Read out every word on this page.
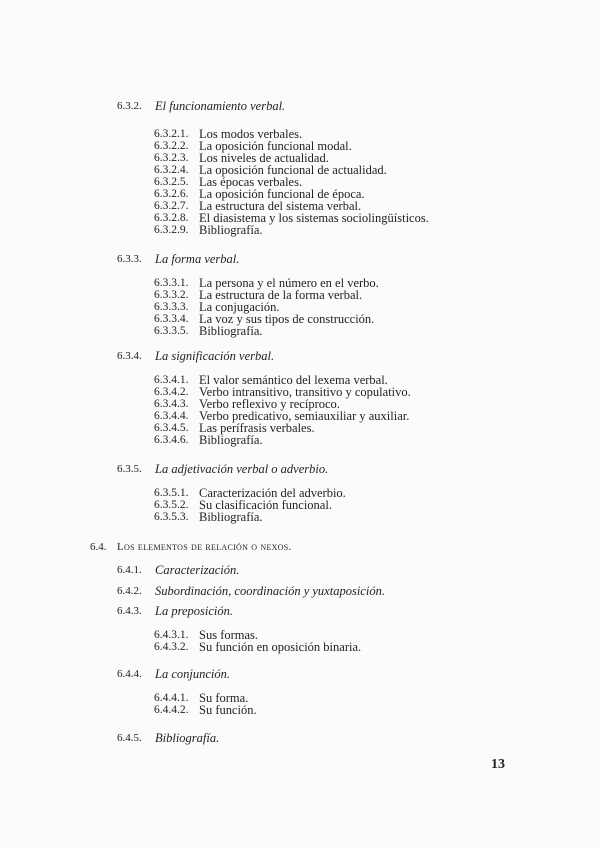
6.3.2. El funcionamiento verbal.
6.3.2.1. Los modos verbales.
6.3.2.2. La oposición funcional modal.
6.3.2.3. Los niveles de actualidad.
6.3.2.4. La oposición funcional de actualidad.
6.3.2.5. Las épocas verbales.
6.3.2.6. La oposición funcional de época.
6.3.2.7. La estructura del sistema verbal.
6.3.2.8. El diasistema y los sistemas sociolingüísticos.
6.3.2.9. Bibliografía.
6.3.3. La forma verbal.
6.3.3.1. La persona y el número en el verbo.
6.3.3.2. La estructura de la forma verbal.
6.3.3.3. La conjugación.
6.3.3.4. La voz y sus tipos de construcción.
6.3.3.5. Bibliografía.
6.3.4. La significación verbal.
6.3.4.1. El valor semántico del lexema verbal.
6.3.4.2. Verbo intransitivo, transitivo y copulativo.
6.3.4.3. Verbo reflexivo y recíproco.
6.3.4.4. Verbo predicativo, semiauxiliar y auxiliar.
6.3.4.5. Las perífrasis verbales.
6.3.4.6. Bibliografía.
6.3.5. La adjetivación verbal o adverbio.
6.3.5.1. Caracterización del adverbio.
6.3.5.2. Su clasificación funcional.
6.3.5.3. Bibliografía.
6.4. Los elementos de relación o nexos.
6.4.1. Caracterización.
6.4.2. Subordinación, coordinación y yuxtaposición.
6.4.3. La preposición.
6.4.3.1. Sus formas.
6.4.3.2. Su función en oposición binaria.
6.4.4. La conjunción.
6.4.4.1. Su forma.
6.4.4.2. Su función.
6.4.5. Bibliografía.
13
